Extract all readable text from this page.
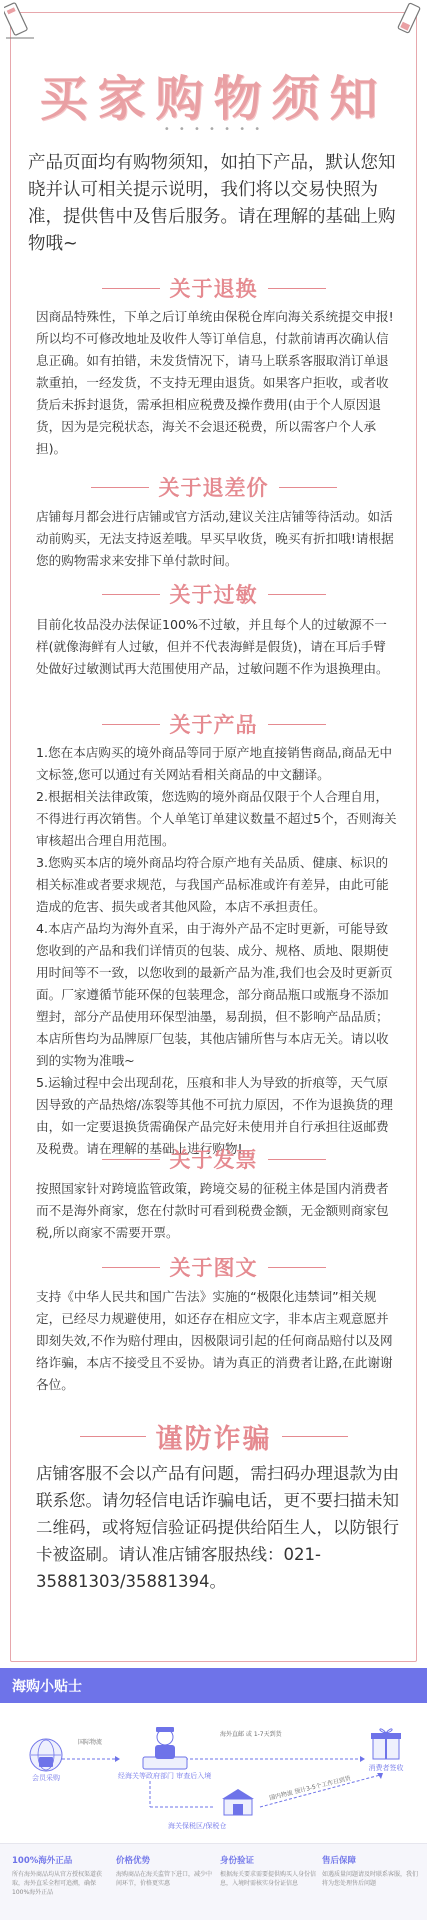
买家购物须知
• • • • • • •
产品页面均有购物须知，如拍下产品，默认您知晓并认可相关提示说明，我们将以交易快照为准，提供售中及售后服务。请在理解的基础上购物哦~
关于退换
因商品特殊性，下单之后订单统由保税仓库向海关系统提交申报!所以均不可修改地址及收件人等订单信息，付款前请再次确认信息正确。如有拍错，未发货情况下，请马上联系客服取消订单退款重拍，一经发货，不支持无理由退货。如果客户拒收，或者收货后未拆封退货，需承担相应税费及操作费用(由于个人原因退货，因为是完税状态，海关不会退还税费，所以需客户个人承担)。
关于退差价
店铺每月都会进行店铺或官方活动,建议关注店铺等待活动。如活动前购买，无法支持返差哦。早买早收货，晚买有折扣哦!请根据您的购物需求来安排下单付款时间。
关于过敏
目前化妆品没办法保证100%不过敏，并且每个人的过敏源不一样(就像海鲜有人过敏，但并不代表海鲜是假货)，请在耳后手臂处做好过敏测试再大范围使用产品，过敏问题不作为退换理由。
关于产品
1.您在本店购买的境外商品等同于原产地直接销售商品,商品无中文标签,您可以通过有关网站看相关商品的中文翻译。
2.根据相关法律政策，您选购的境外商品仅限于个人合理自用，不得进行再次销售。个人单笔订单建议数量不超过5个，否则海关审核超出合理自用范围。
3.您购买本店的境外商品均符合原产地有关品质、健康、标识的相关标准或者要求规范，与我国产品标准或许有差异，由此可能造成的危害、损失或者其他风险，本店不承担责任。
4.本店产品均为海外直采，由于海外产品不定时更新，可能导致您收到的产品和我们详情页的包装、成分、规格、质地、限期使用时间等不一致，以您收到的最新产品为准,我们也会及时更新页面。厂家遵循节能环保的包装理念，部分商品瓶口或瓶身不添加塑封，部分产品使用环保型油墨，易刮损，但不影响产品品质；本店所售均为品牌原厂包装，其他店铺所售与本店无关。请以收到的实物为准哦~
5.运输过程中会出现刮花，压痕和非人为导致的折痕等，天气原因导致的产品热熔/冻裂等其他不可抗力原因，不作为退换货的理由，如一定要退换货需确保产品完好未使用并自行承担往返邮费及税费。请在理解的基础上进行购物!
关于发票
按照国家针对跨境监管政策，跨境交易的征税主体是国内消费者而不是海外商家，您在付款时可看到税费金额，无金额则商家包税,所以商家不需要开票。
关于图文
支持《中华人民共和国广告法》实施的“极限化违禁词”相关规定，已经尽力规避使用，如还存在相应文字，非本店主观意愿并即刻失效,不作为赔付理由，因极限词引起的任何商品赔付以及网络诈骗，本店不接受且不妥协。请为真正的消费者让路,在此谢谢各位。
谨防诈骗
店铺客服不会以产品有问题，需扫码办理退款为由联系您。请勿轻信电话诈骗电话，更不要扫描未知二维码，或将短信验证码提供给陌生人，以防银行卡被盗刷。请认准店铺客服热线：021-35881303/35881394。
海购小贴士
会员采购
国际物流
经海关等政府部门 审查后入境
海外直邮 或 1-7天到货
海关保税区/保税仓
国内物流 预计3-5个工作日到货
消费者签收
100%海外正品
所有海外商品均从官方授权渠道获取，海外直采全程可追溯，确保100%海外正品
价格优势
海购商品在海关监管下进口，减少中间环节，价格更实惠
身份验证
根据海关要求需要提供购买人身份信息，入境时需核实身份证信息
售后保障
如遇质量问题请及时联系客服，我们将为您处理售后问题
